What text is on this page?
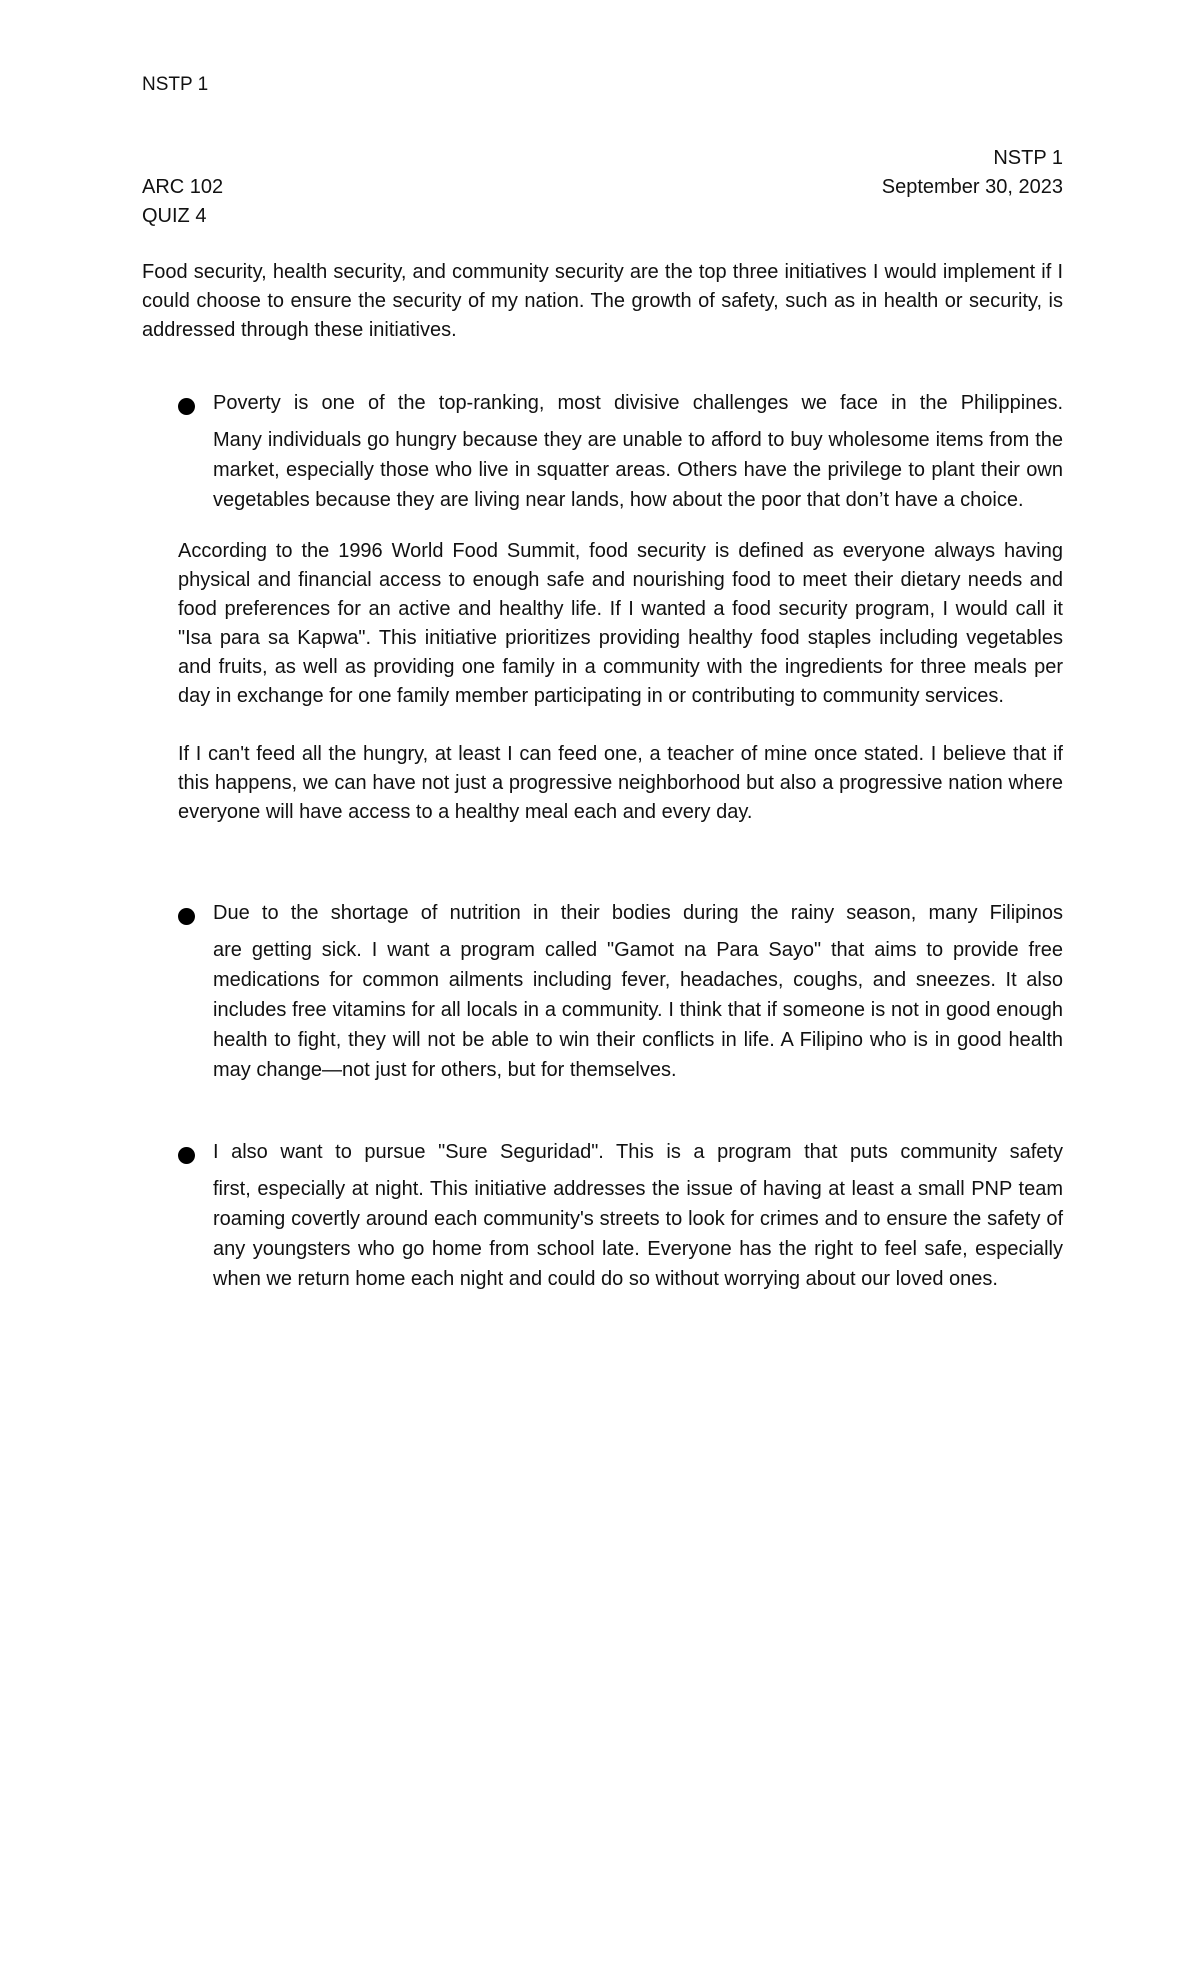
NSTP 1
NSTP 1
September 30, 2023
ARC 102
QUIZ 4

Food security, health security, and community security are the top three initiatives I would implement if I could choose to ensure the security of my nation. The growth of safety, such as in health or security, is addressed through these initiatives.

Poverty is one of the top-ranking, most divisive challenges we face in the Philippines.
Many individuals go hungry because they are unable to afford to buy wholesome items from the market, especially those who live in squatter areas. Others have the privilege to plant their own vegetables because they are living near lands, how about the poor that don’t have a choice.

According to the 1996 World Food Summit, food security is defined as everyone always having physical and financial access to enough safe and nourishing food to meet their dietary needs and food preferences for an active and healthy life. If I wanted a food security program, I would call it "Isa para sa Kapwa". This initiative prioritizes providing healthy food staples including vegetables and fruits, as well as providing one family in a community with the ingredients for three meals per day in exchange for one family member participating in or contributing to community services.

If I can't feed all the hungry, at least I can feed one, a teacher of mine once stated. I believe that if this happens, we can have not just a progressive neighborhood but also a progressive nation where everyone will have access to a healthy meal each and every day.

Due to the shortage of nutrition in their bodies during the rainy season, many Filipinos
are getting sick. I want a program called "Gamot na Para Sayo" that aims to provide free medications for common ailments including fever, headaches, coughs, and sneezes. It also includes free vitamins for all locals in a community. I think that if someone is not in good enough health to fight, they will not be able to win their conflicts in life. A Filipino who is in good health may change—not just for others, but for themselves.
I also want to pursue "Sure Seguridad". This is a program that puts community safety
first, especially at night. This initiative addresses the issue of having at least a small PNP team roaming covertly around each community's streets to look for crimes and to ensure the safety of any youngsters who go home from school late. Everyone has the right to feel safe, especially when we return home each night and could do so without worrying about our loved ones.
